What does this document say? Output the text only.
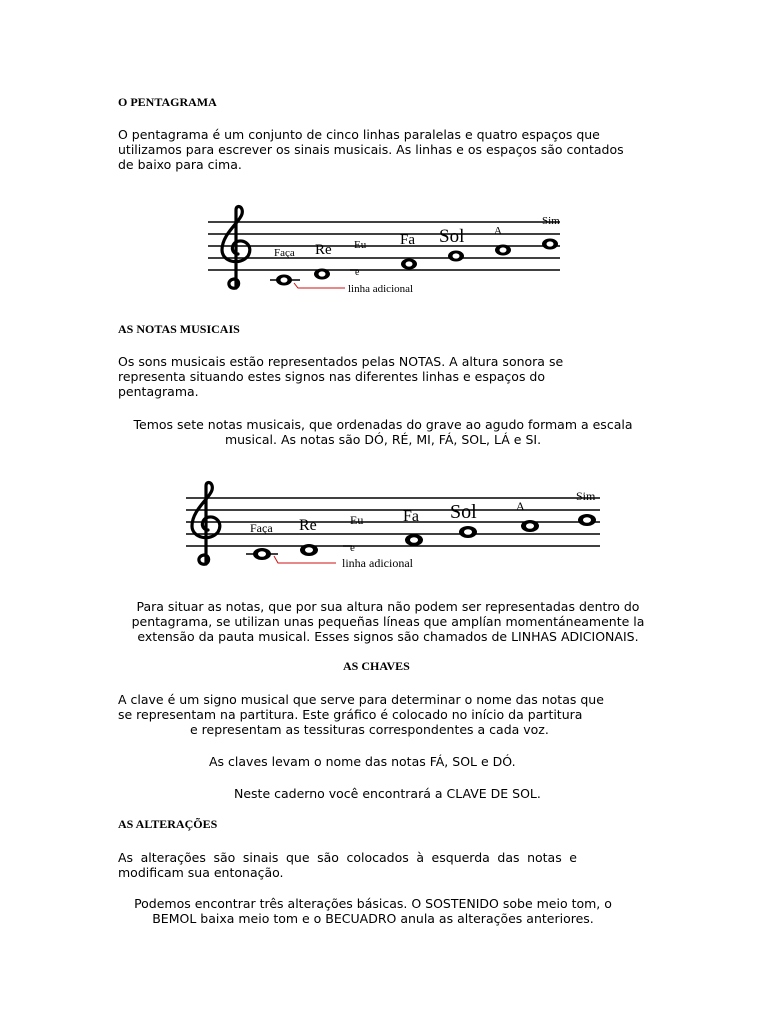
O PENTAGRAMA

O pentagrama é um conjunto de cinco linhas paralelas e quatro espaços que
utilizamos para escrever os sinais musicais. As linhas e os espaços são contados
de baixo para cima.

Faça Re Eu Fa Sol	A
Sim
e
linha adicional
AS NOTAS MUSICAIS

Os sons musicais estão representados pelas NOTAS. A altura sonora se
representa situando estes signos nas diferentes linhas e espaços do
pentagrama.

Temos sete notas musicais, que ordenadas do grave ao agudo formam a escala
musical. As notas são DÓ, RÉ, MI, FÁ, SOL, LÁ e SI.

Faça Re	Eu Fa Sol	A
Sim
e
linha adicional

Para situar as notas, que por sua altura não podem ser representadas dentro do
pentagrama, se utilizan unas pequeñas líneas que amplían momentáneamente la
extensão da pauta musical. Esses signos são chamados de LINHAS ADICIONAIS.

AS CHAVES

A clave é um signo musical que serve para determinar o nome das notas que
se representam na partitura. Este gráfico é colocado no início da partitura
e representam as tessituras correspondentes a cada voz.

As claves levam o nome das notas FÁ, SOL e DÓ.

Neste caderno você encontrará a CLAVE DE SOL.

AS ALTERAÇÕES

As alterações são sinais que são colocados à esquerda das notas e
modificam sua entonação.

Podemos encontrar três alterações básicas. O SOSTENIDO sobe meio tom, o
BEMOL baixa meio tom e o BECUADRO anula as alterações anteriores.
